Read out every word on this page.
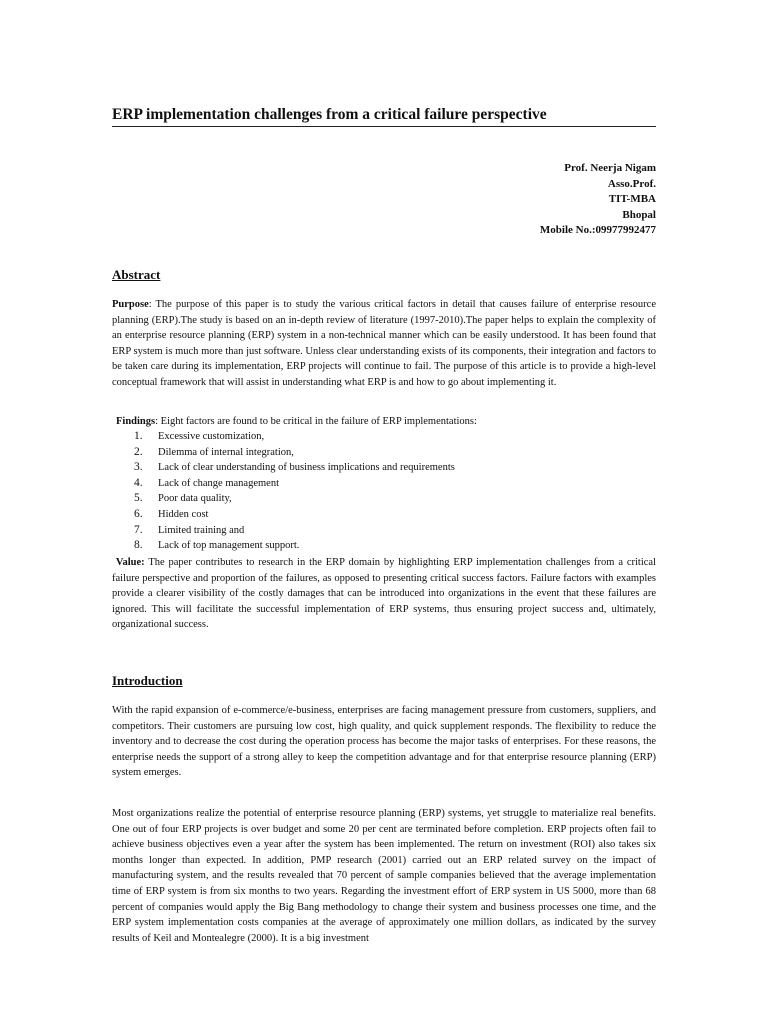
ERP implementation challenges from a critical failure perspective
Prof. Neerja Nigam
Asso.Prof.
TIT-MBA
Bhopal
Mobile No.:09977992477
Abstract

Purpose: The purpose of this paper is to study the various critical factors in detail that causes failure of enterprise resource planning (ERP).The study is based on an in-depth review of literature (1997-2010).The paper helps to explain the complexity of an enterprise resource planning (ERP) system in a non-technical manner which can be easily understood. It has been found that ERP system is much more than just software. Unless clear understanding exists of its components, their integration and factors to be taken care during its implementation, ERP projects will continue to fail. The purpose of this article is to provide a high-level conceptual framework that will assist in understanding what ERP is and how to go about implementing it.

Findings: Eight factors are found to be critical in the failure of ERP implementations:

1.	Excessive customization,
2.	Dilemma of internal integration,
3.	Lack of clear understanding of business implications and requirements
4.	Lack of change management
5.	Poor data quality,
6.	Hidden cost
7.	Limited training and
8.	Lack of top management support.

Value: The paper contributes to research in the ERP domain by highlighting ERP implementation challenges from a critical failure perspective and proportion of the failures, as opposed to presenting critical success factors. Failure factors with examples provide a clearer visibility of the costly damages that can be introduced into organizations in the event that these failures are ignored. This will facilitate the successful implementation of ERP systems, thus ensuring project success and, ultimately, organizational success.

Introduction

With the rapid expansion of e-commerce/e-business, enterprises are facing management pressure from customers, suppliers, and competitors. Their customers are pursuing low cost, high quality, and quick supplement responds. The flexibility to reduce the inventory and to decrease the cost during the operation process has become the major tasks of enterprises. For these reasons, the enterprise needs the support of a strong alley to keep the competition advantage and for that enterprise resource planning (ERP) system emerges.

Most organizations realize the potential of enterprise resource planning (ERP) systems, yet struggle to materialize real benefits. One out of four ERP projects is over budget and some 20 per cent are terminated before completion. ERP projects often fail to achieve business objectives even a year after the system has been implemented. The return on investment (ROI) also takes six months longer than expected. In addition, PMP research (2001) carried out an ERP related survey on the impact of manufacturing system, and the results revealed that 70 percent of sample companies believed that the average implementation time of ERP system is from six months to two years. Regarding the investment effort of ERP system in US 5000, more than 68 percent of companies would apply the Big Bang methodology to change their system and business processes one time, and the ERP system implementation costs companies at the average of approximately one million dollars, as indicated by the survey results of Keil and Montealegre (2000). It is a big investment
